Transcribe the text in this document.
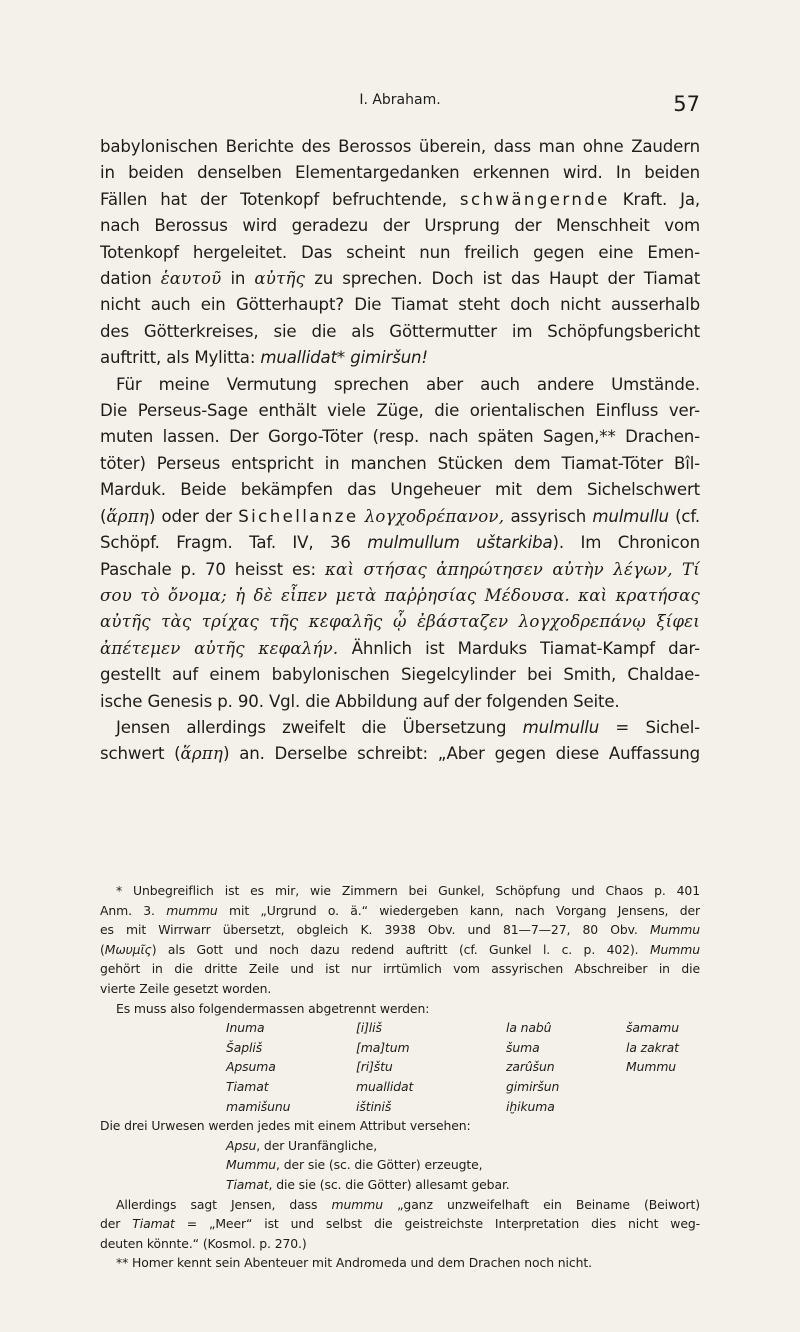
I. Abraham.	57
babylonischen Berichte des Berossos überein, dass man ohne Zaudern
in beiden denselben Elementargedanken erkennen wird. In beiden
Fällen hat der Totenkopf befruchtende, schwängernde Kraft. Ja,
nach Berossus wird geradezu der Ursprung der Menschheit vom
Totenkopf hergeleitet. Das scheint nun freilich gegen eine Emen-
dation ἑαυτοῦ in αὐτῆς zu sprechen. Doch ist das Haupt der Tiamat
nicht auch ein Götterhaupt? Die Tiamat steht doch nicht ausserhalb
des Götterkreises, sie die als Göttermutter im Schöpfungsbericht
auftritt, als Mylitta: muallidat* gimiršun!
Für meine Vermutung sprechen aber auch andere Umstände.
Die Perseus-Sage enthält viele Züge, die orientalischen Einfluss ver-
muten lassen. Der Gorgo-Töter (resp. nach späten Sagen,** Drachen-
töter) Perseus entspricht in manchen Stücken dem Tiamat-Töter Bîl-
Marduk. Beide bekämpfen das Ungeheuer mit dem Sichelschwert
(ἅρπη) oder der Sichellanze λογχοδρέπανον, assyrisch mulmullu (cf.
Schöpf. Fragm. Taf. IV, 36 mulmullum uštarkiba). Im Chronicon
Paschale p. 70 heisst es: καὶ στήσας ἀπηρώτησεν αὐτὴν λέγων, Τί
σου τὸ ὄνομα; ἡ δὲ εἶπεν μετὰ παῤῥησίας Μέδουσα. καὶ κρατήσας
αὐτῆς τὰς τρίχας τῆς κεφαλῆς ᾧ ἐβάσταζεν λογχοδρεπάνῳ ξίφει
ἀπέτεμεν αὐτῆς κεφαλήν. Ähnlich ist Marduks Tiamat-Kampf dar-
gestellt auf einem babylonischen Siegelcylinder bei Smith, Chaldae-
ische Genesis p. 90. Vgl. die Abbildung auf der folgenden Seite.
Jensen allerdings zweifelt die Übersetzung mulmullu = Sichel-
schwert (ἅρπη) an. Derselbe schreibt: „Aber gegen diese Auffassung
* Unbegreiflich ist es mir, wie Zimmern bei Gunkel, Schöpfung und Chaos p. 401
Anm. 3. mummu mit „Urgrund o. ä.“ wiedergeben kann, nach Vorgang Jensens, der
es mit Wirrwarr übersetzt, obgleich K. 3938 Obv. und 81—7—27, 80 Obv. Mummu
(Μωυμῖς) als Gott und noch dazu redend auftritt (cf. Gunkel l. c. p. 402). Mummu
gehört in die dritte Zeile und ist nur irrtümlich vom assyrischen Abschreiber in die
vierte Zeile gesetzt worden.
Es muss also folgendermassen abgetrennt werden:
Inuma	[i]liš	la nabû	šamamu
Šapliš	[ma]tum	šuma	la zakrat
Apsuma	[ri]štu	zarûšun	Mummu
Tiamat	muallidat	gimiršun
mamišunu	ištiniš	iḫikuma
Die drei Urwesen werden jedes mit einem Attribut versehen:
Apsu, der Uranfängliche,
Mummu, der sie (sc. die Götter) erzeugte,
Tiamat, die sie (sc. die Götter) allesamt gebar.
Allerdings sagt Jensen, dass mummu „ganz unzweifelhaft ein Beiname (Beiwort)
der Tiamat = „Meer“ ist und selbst die geistreichste Interpretation dies nicht weg-
deuten könnte.“ (Kosmol. p. 270.)
** Homer kennt sein Abenteuer mit Andromeda und dem Drachen noch nicht.
